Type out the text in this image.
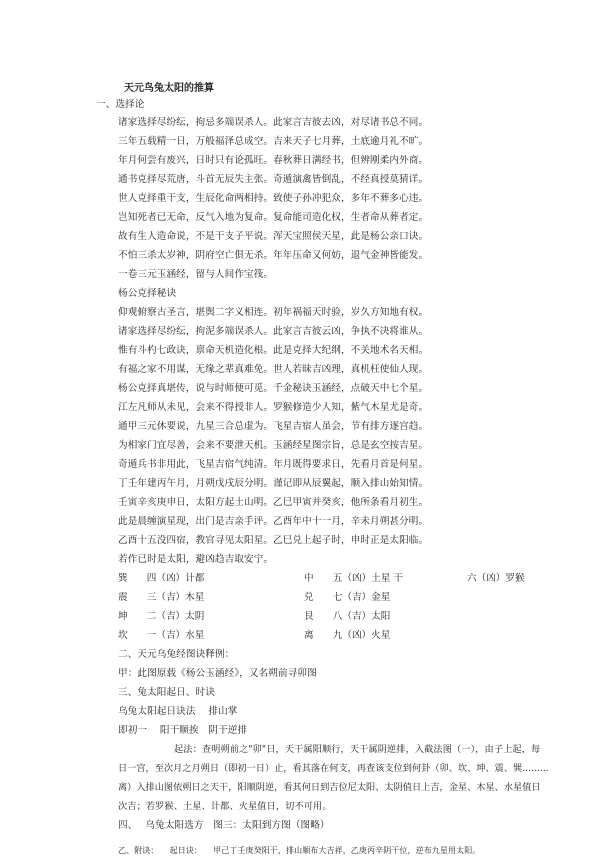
天元鸟兔太阳的推算
一、选择论
诸家选择尽纷纭，拘忌多端误杀人。此家言吉彼去凶，对尽诸书总不同。
三年五载精一日，万般福泽总成空。吉来天子七月葬，土底逾月礼不旷。
年月何尝有废兴，日时只有论孤旺。春秋葬日满经书，但辨刚柔内外商。
通书克择尽荒唐，斗首无辰失主张。奇遁演禽皆倒乱，不经真授莫猜详。
世人克择重干支，生辰化命两相持。致使子孙冲犯众，多年不葬多心违。
岂知死者已无命，反气入地为复命。复命能司造化权，生者命从葬者定。
故有生人造命说，不是干支子平说。浑天宝照侯天星，此是杨公亲口诀。
不怕三杀太岁神，阴府空亡俱无杀。年年压命又何妨，退气金神皆能发。
一卷三元玉涵经，留与人间作宝筏。
杨公克择秘诀
仰观俯察古圣言，堪舆二字义相连。初年祸福天时验，岁久方知地有权。
诸家选择尽纷纭，拘泥多端误杀人。此家言吉彼云凶，争执不决将谁从。
惟有斗杓七政诀，禀命天机造化根。此是克择大纪纲，不关地术名天相。
有福之家不用谋，无缘之辈真难免。世人若昧吉凶理，真机枉使仙人现。
杨公克择真堪传，说与时师便可觅。千金秘诀玉涵经，点破天中七个星。
江左凡师从未见，会来不得授非人。罗猴修造少人知，紫气木星尤是奇。
通甲三元休要说，九星三合总虚为。飞星吉宿人虽会，节有排方逐宫趋。
为相家门宜尽善，会来不要泄天机。玉涵经星图宗旨，总是玄空按吉星。
奇遁兵书非用此，飞星吉宿气纯清。年月既得要求日，先看月首是何星。
丁壬年建丙午月，月朔戊戌辰分明。谨记即从辰翼起，顺入排山始知情。
壬寅辛亥庚申日，太阳方起土山明。乙巳甲寅并癸亥，他所条看月初生。
此是晨缠演星现，出门是吉亲手评。乙酉年中十一月，辛未月朔甚分明。
乙酉十五没四宿，教官寻见太阳星。乙巳兑上起子时，申时正是太阳临。
若作已时是太阳，避凶趋吉取安宁。
巽　　四（凶）计都	中　　五（凶）土星 干	六（凶）罗猴
震　　三（吉）木星	兑　　七（吉）金星
坤　　二（吉）太阴	艮　　八（吉）太阳
坎　　一（吉）水星	离　　九（凶）火星
二、天元乌兔经图诀释例：
甲：此图原载《杨公玉涵经》，又名朔前寻卯图
三、兔太阳起日、时诀
乌兔太阳起日诀法　 排山掌
即初一　 阳干顺挨　阴干逆排
起法：查明朔前之"卯"日，天干属阳顺行，天干属阴逆排，入截法图（一），由子上起，每
日一宫，至次月之月朔日（即初一日）止，看其落在何支，再查该支位到何卦（卯、坎、坤、震、巽.........
离）入排山图依朔日之天干，阳顺阴逆，看其何日到吉位尼太阳、太阴值日上吉，金星、木星、水星值日
次吉；若罗猴、土星、计都、火星值日，切不可用。
四、　 乌兔太阳选方　图三：太阳到方图（图略）
乙、附诀： 起日诀： 甲己丁壬庚癸阳干，排山顺布大吉祥，乙庚丙辛阴干位，逆布九星用太阳。
